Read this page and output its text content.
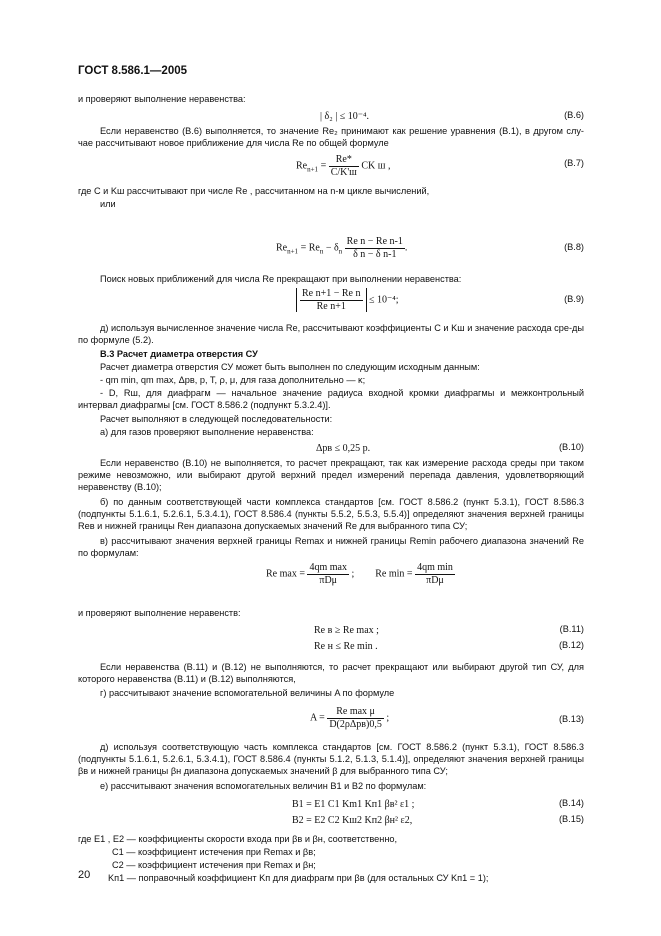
ГОСТ 8.586.1—2005
и проверяют выполнение неравенства:
| δ₂ | ≤ 10⁻⁴.	(В.6)
Если неравенство (В.6) выполняется, то значение Re₂ принимают как решение уравнения (В.1), в другом слу-чае рассчитывают новое приближение для числа Re по общей формуле
$Re_{n+1} = \frac{Re*}{C/K'ш}$ CK ш ,	(В.7)
где C и Kш рассчитывают при числе Re , рассчитанном на n-м цикле вычислений,
или
$Re_{n+1} = Re_n - \delta_n \frac{\text{Re n − Re n-1}}{\text{δ n − δ n-1}}$ .	(В.8)
Поиск новых приближений для числа Re прекращают при выполнении неравенства:
$\frac{\text{Re n+1 − Re n}}{\text{Re n+1}} \le 10^{-4}$;	(В.9)
д) используя вычисленное значение числа Re, рассчитывают коэффициенты C и Kш и значение расхода сре-ды по формуле (5.2).
В.3 Расчет диаметра отверстия СУ
Расчет диаметра отверстия СУ может быть выполнен по следующим исходным данным:
- qm min, qm max, Δpв, p, T, ρ, μ, для газа дополнительно — κ;
- D, Rш, для диафрагм — начальное значение радиуса входной кромки диафрагмы и межконтрольный интервал диафрагмы [см. ГОСТ 8.586.2 (подпункт 5.3.2.4)].
Расчет выполняют в следующей последовательности:
а) для газов проверяют выполнение неравенства:
Δpв ≤ 0,25 p.	(В.10)
Если неравенство (В.10) не выполняется, то расчет прекращают, так как измерение расхода среды при таком режиме невозможно, или выбирают другой верхний предел измерений перепада давления, удовлетворяющий неравенству (В.10);
б) по данным соответствующей части комплекса стандартов [см. ГОСТ 8.586.2 (пункт 5.3.1), ГОСТ 8.586.3 (подпункты 5.1.6.1, 5.2.6.1, 5.3.4.1), ГОСТ 8.586.4 (пункты 5.5.2, 5.5.3, 5.5.4)] определяют значения верхней границы Reв и нижней границы Reн диапазона допускаемых значений Re для выбранного типа СУ;
в) рассчитывают значения верхней границы Remax и нижней границы Remin рабочего диапазона значений Re по формулам:
Re $\max = \frac{\text{4qm max}}{\text{πDμ}}$ ; Re $\min = \frac{\text{4qm min}}{\text{πDμ}}$
и проверяют выполнение неравенств:
Re в ≥ Re max ;	(В.11)
Re н ≤ Re min .	(В.12)
Если неравенства (В.11) и (В.12) не выполняются, то расчет прекращают или выбирают другой тип СУ, для которого неравенства (В.11) и (В.12) выполняются,
г) рассчитывают значение вспомогательной величины A по формуле
$A = \frac{\text{Re max μ}}{\text{D(2ρΔpв)0,5}}$ ;	(В.13)
д) используя соответствующую часть комплекса стандартов [см. ГОСТ 8.586.2 (пункт 5.3.1), ГОСТ 8.586.3 (подпункты 5.1.6.1, 5.2.6.1, 5.3.4.1), ГОСТ 8.586.4 (пункты 5.1.2, 5.1.3, 5.1.4)], определяют значения верхней границы βв и нижней границы βн диапазона допускаемых значений β для выбранного типа СУ;
е) рассчитывают значения вспомогательных величин B1 и B2 по формулам:
B1 = E1 C1 Km1 Kп1 βв² ε1 ;	(В.14)
B2 = E2 C2 Kш2 Kп2 βн² ε2,	(В.15)
где E1 , E2 — коэффициенты скорости входа при βв и βн, соответственно,
C1 — коэффициент истечения при Remax и βв;
C2 — коэффициент истечения при Remax и βн;
Kп1 — поправочный коэффициент Kп для диафрагм при βв (для остальных СУ Kп1 = 1);
20
